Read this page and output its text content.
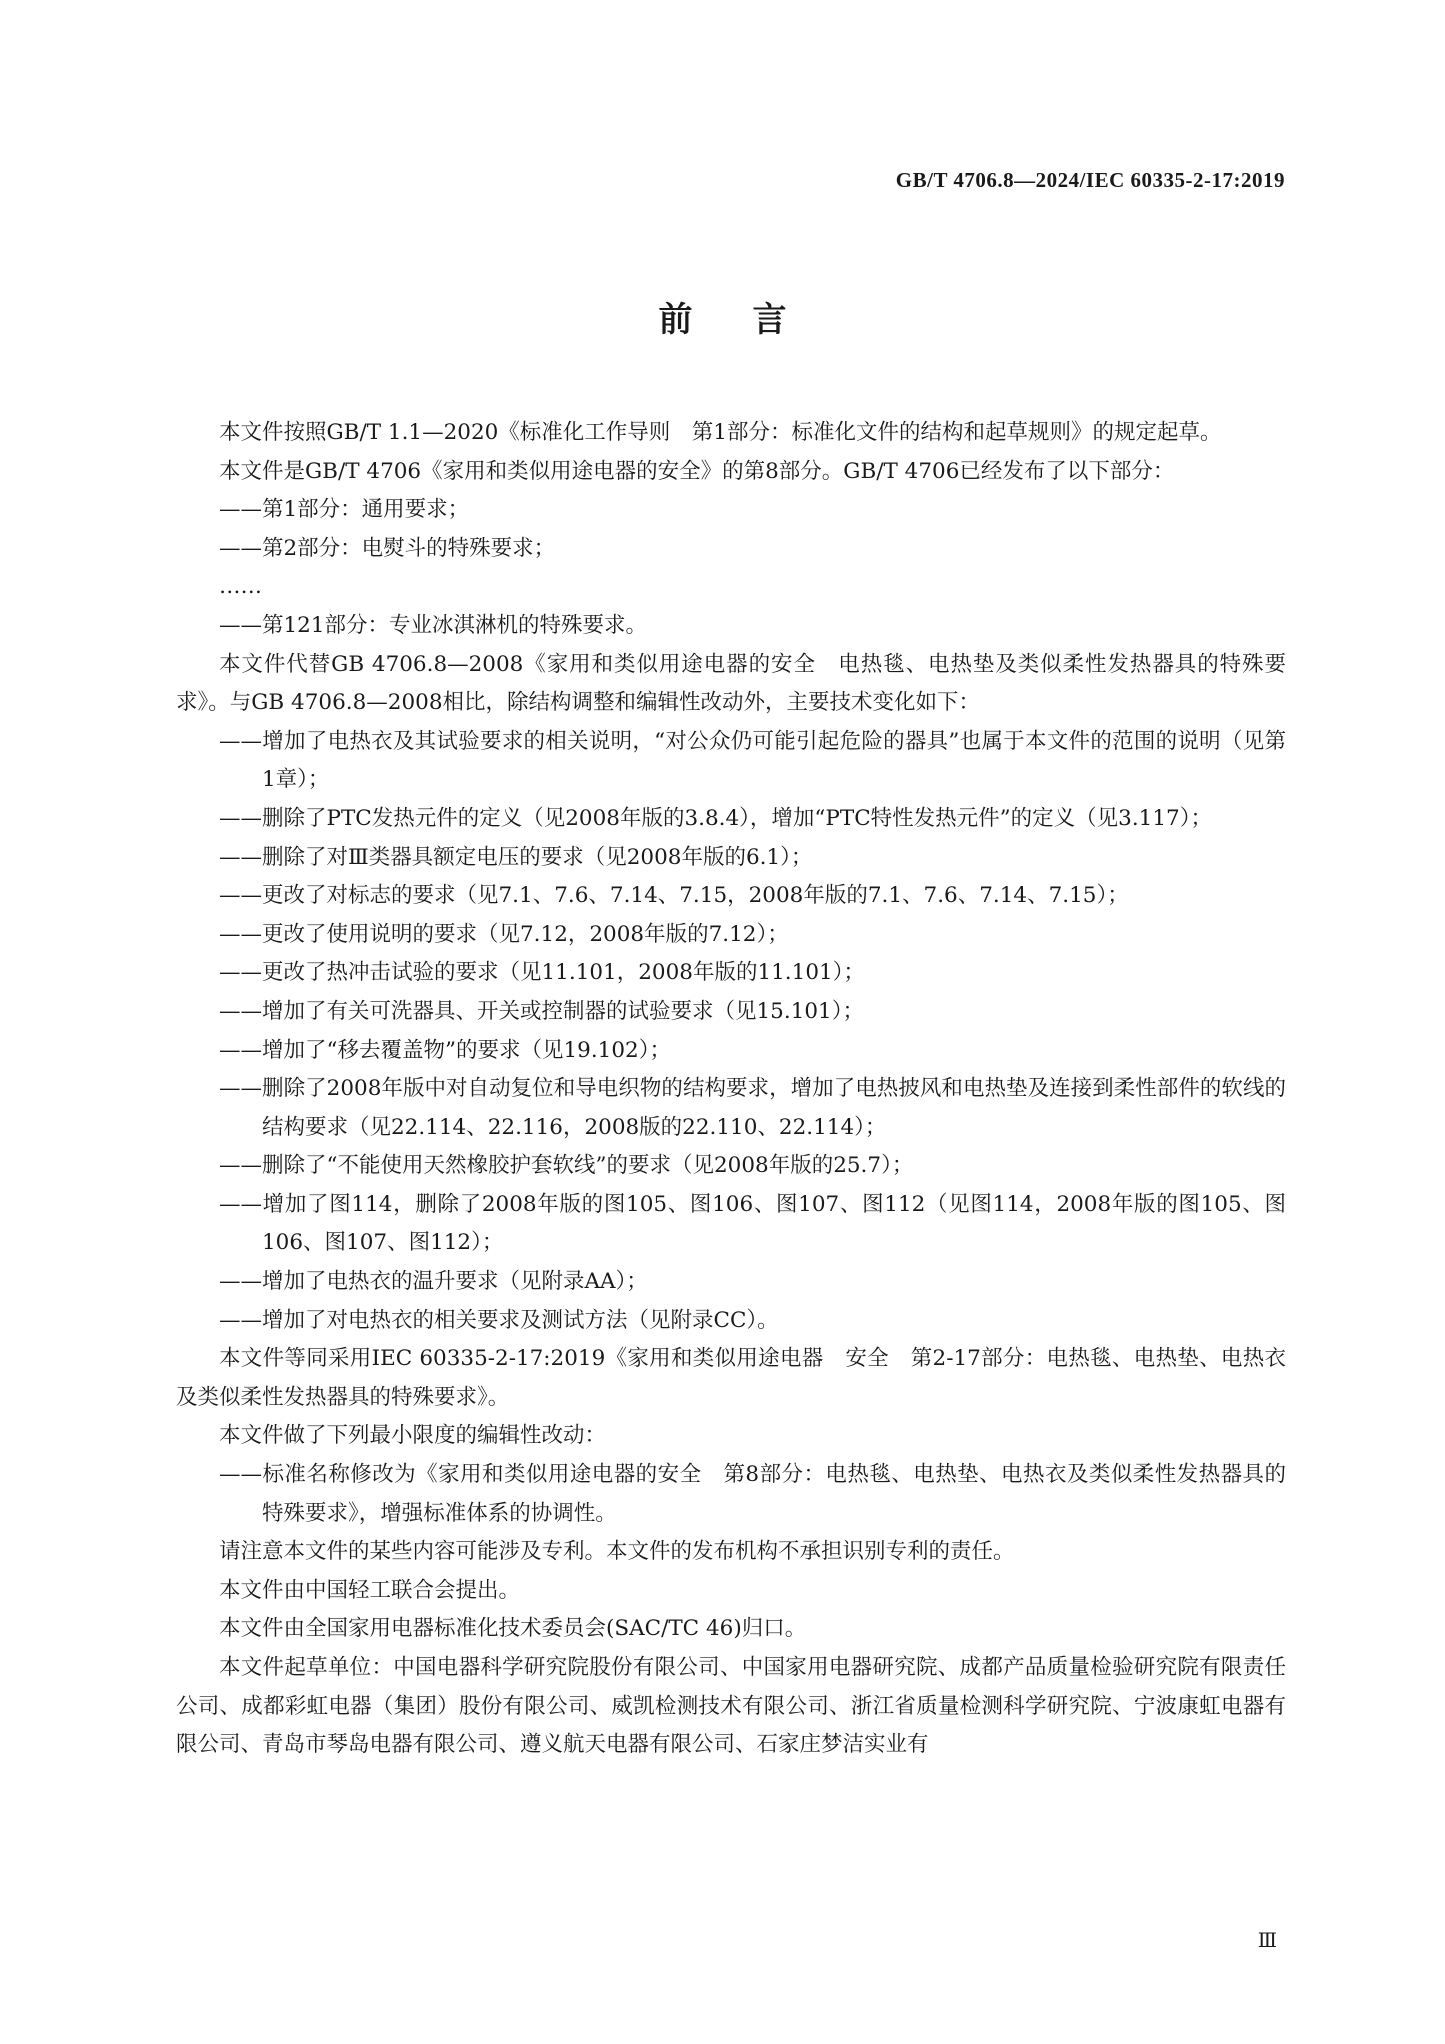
GB/T 4706.8—2024/IEC 60335-2-17:2019
前言
本文件按照GB/T 1.1—2020《标准化工作导则　第1部分：标准化文件的结构和起草规则》的规定起草。
本文件是GB/T 4706《家用和类似用途电器的安全》的第8部分。GB/T 4706已经发布了以下部分：
——第1部分：通用要求；
——第2部分：电熨斗的特殊要求；
……
——第121部分：专业冰淇淋机的特殊要求。
本文件代替GB 4706.8—2008《家用和类似用途电器的安全　电热毯、电热垫及类似柔性发热器具的特殊要求》。与GB 4706.8—2008相比，除结构调整和编辑性改动外，主要技术变化如下：
——增加了电热衣及其试验要求的相关说明，“对公众仍可能引起危险的器具”也属于本文件的范围的说明（见第1章）；
——删除了PTC发热元件的定义（见2008年版的3.8.4），增加“PTC特性发热元件”的定义（见3.117）；
——删除了对Ⅲ类器具额定电压的要求（见2008年版的6.1）；
——更改了对标志的要求（见7.1、7.6、7.14、7.15，2008年版的7.1、7.6、7.14、7.15）；
——更改了使用说明的要求（见7.12，2008年版的7.12）；
——更改了热冲击试验的要求（见11.101，2008年版的11.101）；
——增加了有关可洗器具、开关或控制器的试验要求（见15.101）；
——增加了“移去覆盖物”的要求（见19.102）；
——删除了2008年版中对自动复位和导电织物的结构要求，增加了电热披风和电热垫及连接到柔性部件的软线的结构要求（见22.114、22.116，2008版的22.110、22.114）；
——删除了“不能使用天然橡胶护套软线”的要求（见2008年版的25.7）；
——增加了图114，删除了2008年版的图105、图106、图107、图112（见图114，2008年版的图105、图106、图107、图112）；
——增加了电热衣的温升要求（见附录AA）；
——增加了对电热衣的相关要求及测试方法（见附录CC）。
本文件等同采用IEC 60335-2-17:2019《家用和类似用途电器　安全　第2-17部分：电热毯、电热垫、电热衣及类似柔性发热器具的特殊要求》。
本文件做了下列最小限度的编辑性改动：
——标准名称修改为《家用和类似用途电器的安全　第8部分：电热毯、电热垫、电热衣及类似柔性发热器具的特殊要求》，增强标准体系的协调性。
请注意本文件的某些内容可能涉及专利。本文件的发布机构不承担识别专利的责任。
本文件由中国轻工联合会提出。
本文件由全国家用电器标准化技术委员会(SAC/TC 46)归口。
本文件起草单位：中国电器科学研究院股份有限公司、中国家用电器研究院、成都产品质量检验研究院有限责任公司、成都彩虹电器（集团）股份有限公司、威凯检测技术有限公司、浙江省质量检测科学研究院、宁波康虹电器有限公司、青岛市琴岛电器有限公司、遵义航天电器有限公司、石家庄梦洁实业有
Ⅲ
